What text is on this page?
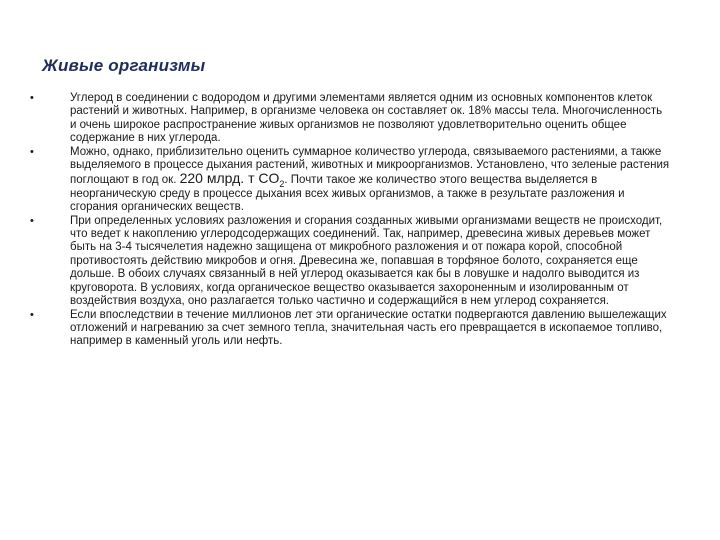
Живые организмы
•	Углерод в соединении с водородом и другими элементами является одним из основных компонентов клеток растений и животных. Например, в организме человека он составляет ок. 18% массы тела. Многочисленность и очень широкое распространение живых организмов не позволяют удовлетворительно оценить общее содержание в них углерода.
•	Можно, однако, приблизительно оценить суммарное количество углерода, связываемого растениями, а также выделяемого в процессе дыхания растений, животных и микроорганизмов. Установлено, что зеленые растения поглощают в год ок. 220 млрд. т $CO_2$. Почти такое же количество этого вещества выделяется в неорганическую среду в процессе дыхания всех живых организмов, а также в результате разложения и сгорания органических веществ.
•	При определенных условиях разложения и сгорания созданных живыми организмами веществ не происходит, что ведет к накоплению углеродсодержащих соединений. Так, например, древесина живых деревьев может быть на 3-4 тысячелетия надежно защищена от микробного разложения и от пожара корой, способной противостоять действию микробов и огня. Древесина же, попавшая в торфяное болото, сохраняется еще дольше. В обоих случаях связанный в ней углерод оказывается как бы в ловушке и надолго выводится из круговорота. В условиях, когда органическое вещество оказывается захороненным и изолированным от воздействия воздуха, оно разлагается только частично и содержащийся в нем углерод сохраняется.
•	Если впоследствии в течение миллионов лет эти органические остатки подвергаются давлению вышележащих отложений и нагреванию за счет земного тепла, значительная часть его превращается в ископаемое топливо, например в каменный уголь или нефть.
